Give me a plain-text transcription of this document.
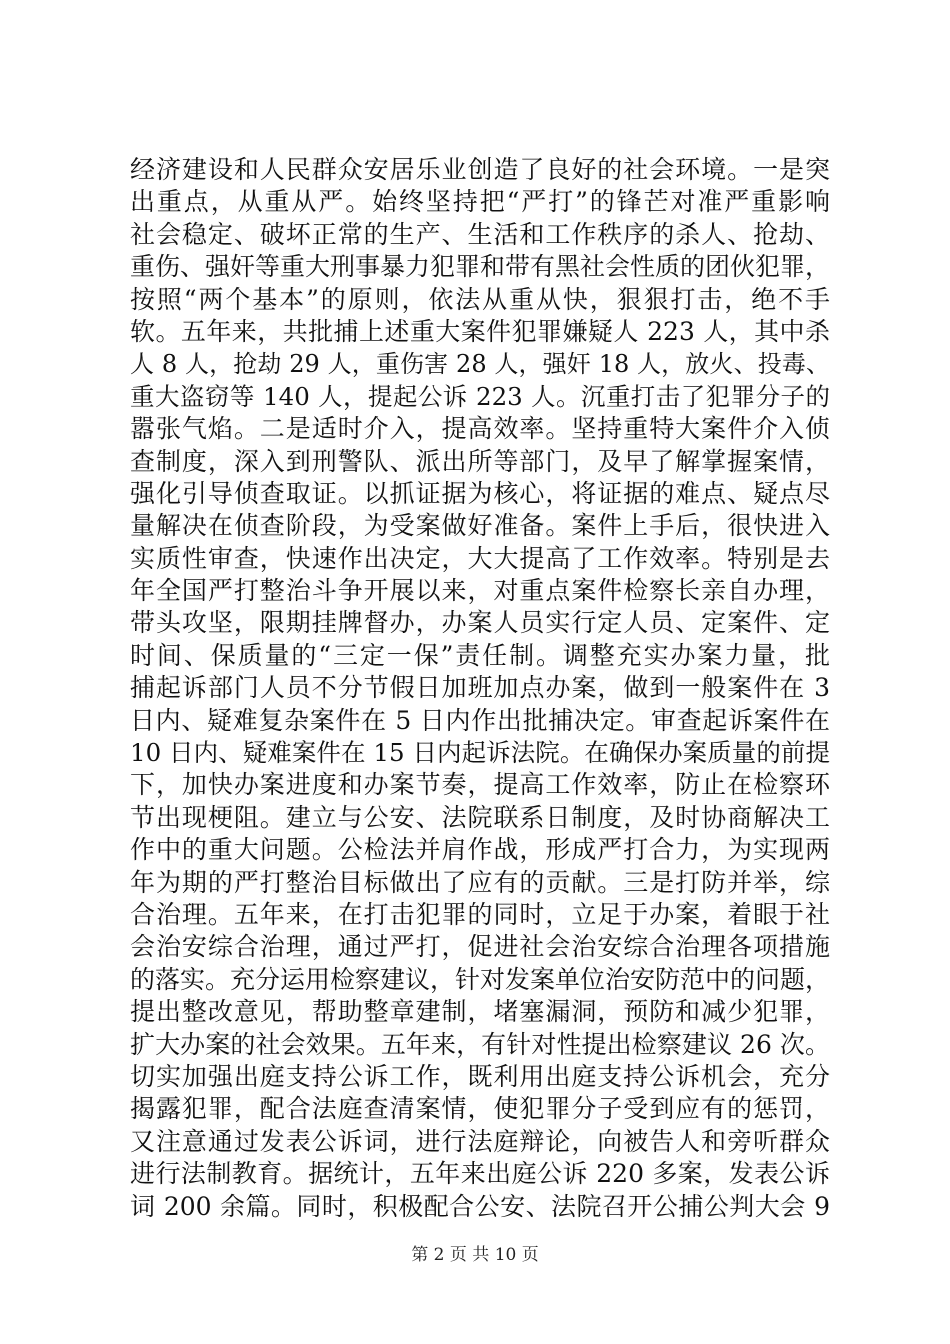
经济建设和人民群众安居乐业创造了良好的社会环境。一是突
出重点，从重从严。始终坚持把“严打”的锋芒对准严重影响
社会稳定、破坏正常的生产、生活和工作秩序的杀人、抢劫、
重伤、强奸等重大刑事暴力犯罪和带有黑社会性质的团伙犯罪，
按照“两个基本”的原则，依法从重从快，狠狠打击，绝不手
软。五年来，共批捕上述重大案件犯罪嫌疑人 223 人，其中杀
人 8 人，抢劫 29 人，重伤害 28 人，强奸 18 人，放火、投毒、
重大盗窃等 140 人，提起公诉 223 人。沉重打击了犯罪分子的
嚣张气焰。二是适时介入，提高效率。坚持重特大案件介入侦
查制度，深入到刑警队、派出所等部门，及早了解掌握案情，
强化引导侦查取证。以抓证据为核心，将证据的难点、疑点尽
量解决在侦查阶段，为受案做好准备。案件上手后，很快进入
实质性审查，快速作出决定，大大提高了工作效率。特别是去
年全国严打整治斗争开展以来，对重点案件检察长亲自办理，
带头攻坚，限期挂牌督办，办案人员实行定人员、定案件、定
时间、保质量的“三定一保”责任制。调整充实办案力量，批
捕起诉部门人员不分节假日加班加点办案，做到一般案件在 3
日内、疑难复杂案件在 5 日内作出批捕决定。审查起诉案件在
10 日内、疑难案件在 15 日内起诉法院。在确保办案质量的前提
下，加快办案进度和办案节奏，提高工作效率，防止在检察环
节出现梗阻。建立与公安、法院联系日制度，及时协商解决工
作中的重大问题。公检法并肩作战，形成严打合力，为实现两
年为期的严打整治目标做出了应有的贡献。三是打防并举，综
合治理。五年来，在打击犯罪的同时，立足于办案，着眼于社
会治安综合治理，通过严打，促进社会治安综合治理各项措施
的落实。充分运用检察建议，针对发案单位治安防范中的问题，
提出整改意见，帮助整章建制，堵塞漏洞，预防和减少犯罪，
扩大办案的社会效果。五年来，有针对性提出检察建议 26 次。
切实加强出庭支持公诉工作，既利用出庭支持公诉机会，充分
揭露犯罪，配合法庭查清案情，使犯罪分子受到应有的惩罚，
又注意通过发表公诉词，进行法庭辩论，向被告人和旁听群众
进行法制教育。据统计，五年来出庭公诉 220 多案，发表公诉
词 200 余篇。同时，积极配合公安、法院召开公捕公判大会 9
第 2 页 共 10 页
